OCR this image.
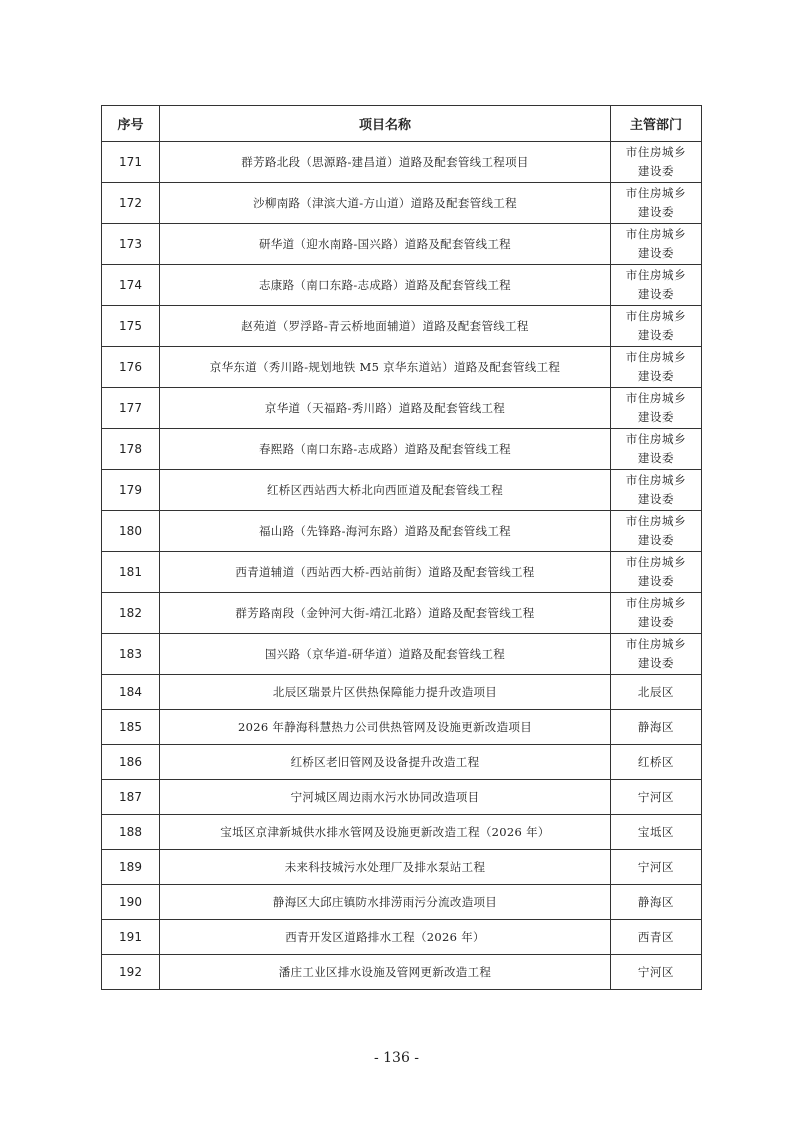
序号	项目名称	主管部门
171	群芳路北段（思源路-建昌道）道路及配套管线工程项目	市住房城乡建设委

172	沙柳南路（津滨大道-方山道）道路及配套管线工程	市住房城乡建设委

173	研华道（迎水南路-国兴路）道路及配套管线工程	市住房城乡建设委

174	志康路（南口东路-志成路）道路及配套管线工程	市住房城乡建设委

175	赵苑道（罗浮路-青云桥地面辅道）道路及配套管线工程	市住房城乡建设委

176	京华东道（秀川路-规划地铁 M5 京华东道站）道路及配套管线工程	市住房城乡建设委

177	京华道（天福路-秀川路）道路及配套管线工程	市住房城乡建设委

178	春熙路（南口东路-志成路）道路及配套管线工程	市住房城乡建设委

179	红桥区西站西大桥北向西匝道及配套管线工程	市住房城乡建设委

180	福山路（先锋路-海河东路）道路及配套管线工程	市住房城乡建设委

181	西青道辅道（西站西大桥-西站前街）道路及配套管线工程	市住房城乡建设委

182	群芳路南段（金钟河大街-靖江北路）道路及配套管线工程	市住房城乡建设委

183	国兴路（京华道-研华道）道路及配套管线工程	市住房城乡建设委

184	北辰区瑞景片区供热保障能力提升改造项目	北辰区
185	2026 年静海科慧热力公司供热管网及设施更新改造项目	静海区
186	红桥区老旧管网及设备提升改造工程	红桥区
187	宁河城区周边雨水污水协同改造项目	宁河区
188	宝坻区京津新城供水排水管网及设施更新改造工程（2026 年）	宝坻区
189	未来科技城污水处理厂及排水泵站工程	宁河区
190	静海区大邱庄镇防水排涝雨污分流改造项目	静海区
191	西青开发区道路排水工程（2026 年）	西青区
192	潘庄工业区排水设施及管网更新改造工程	宁河区
- 136 -
